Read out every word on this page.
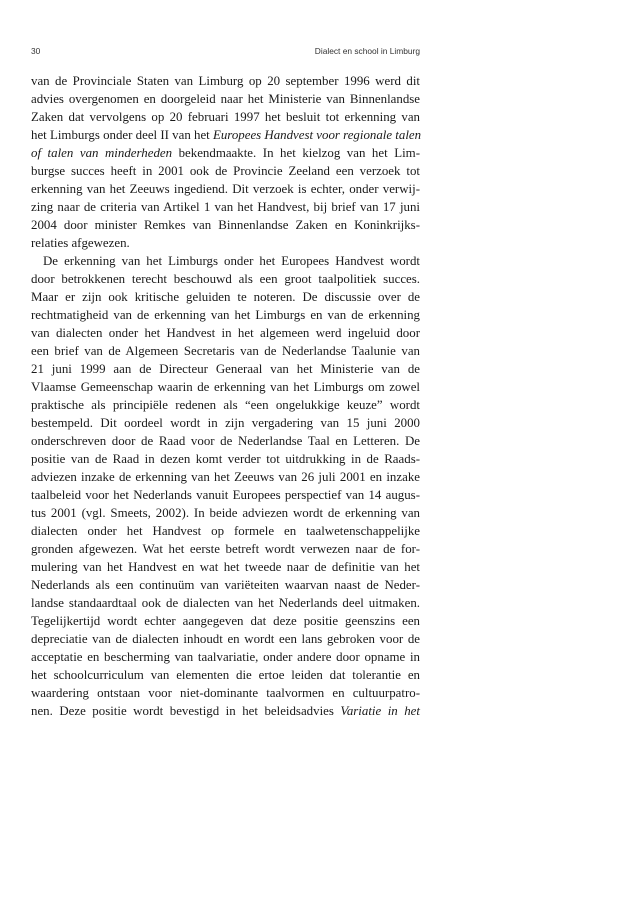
30	Dialect en school in Limburg
van de Provinciale Staten van Limburg op 20 september 1996 werd dit
advies overgenomen en doorgeleid naar het Ministerie van Binnenlandse
Zaken dat vervolgens op 20 februari 1997 het besluit tot erkenning van
het Limburgs onder deel II van het Europees Handvest voor regionale talen
of talen van minderheden bekendmaakte. In het kielzog van het Lim-
burgse succes heeft in 2001 ook de Provincie Zeeland een verzoek tot
erkenning van het Zeeuws ingediend. Dit verzoek is echter, onder verwij-
zing naar de criteria van Artikel 1 van het Handvest, bij brief van 17 juni
2004 door minister Remkes van Binnenlandse Zaken en Koninkrijks-
relaties afgewezen.
De erkenning van het Limburgs onder het Europees Handvest wordt
door betrokkenen terecht beschouwd als een groot taalpolitiek succes.
Maar er zijn ook kritische geluiden te noteren. De discussie over de
rechtmatigheid van de erkenning van het Limburgs en van de erkenning
van dialecten onder het Handvest in het algemeen werd ingeluid door
een brief van de Algemeen Secretaris van de Nederlandse Taalunie van
21 juni 1999 aan de Directeur Generaal van het Ministerie van de
Vlaamse Gemeenschap waarin de erkenning van het Limburgs om zowel
praktische als principiële redenen als “een ongelukkige keuze” wordt
bestempeld. Dit oordeel wordt in zijn vergadering van 15 juni 2000
onderschreven door de Raad voor de Nederlandse Taal en Letteren. De
positie van de Raad in dezen komt verder tot uitdrukking in de Raads-
adviezen inzake de erkenning van het Zeeuws van 26 juli 2001 en inzake
taalbeleid voor het Nederlands vanuit Europees perspectief van 14 augus-
tus 2001 (vgl. Smeets, 2002). In beide adviezen wordt de erkenning van
dialecten onder het Handvest op formele en taalwetenschappelijke
gronden afgewezen. Wat het eerste betreft wordt verwezen naar de for-
mulering van het Handvest en wat het tweede naar de definitie van het
Nederlands als een continuüm van variëteiten waarvan naast de Neder-
landse standaardtaal ook de dialecten van het Nederlands deel uitmaken.
Tegelijkertijd wordt echter aangegeven dat deze positie geenszins een
depreciatie van de dialecten inhoudt en wordt een lans gebroken voor de
acceptatie en bescherming van taalvariatie, onder andere door opname in
het schoolcurriculum van elementen die ertoe leiden dat tolerantie en
waardering ontstaan voor niet-dominante taalvormen en cultuurpatro-
nen. Deze positie wordt bevestigd in het beleidsadvies Variatie in het
